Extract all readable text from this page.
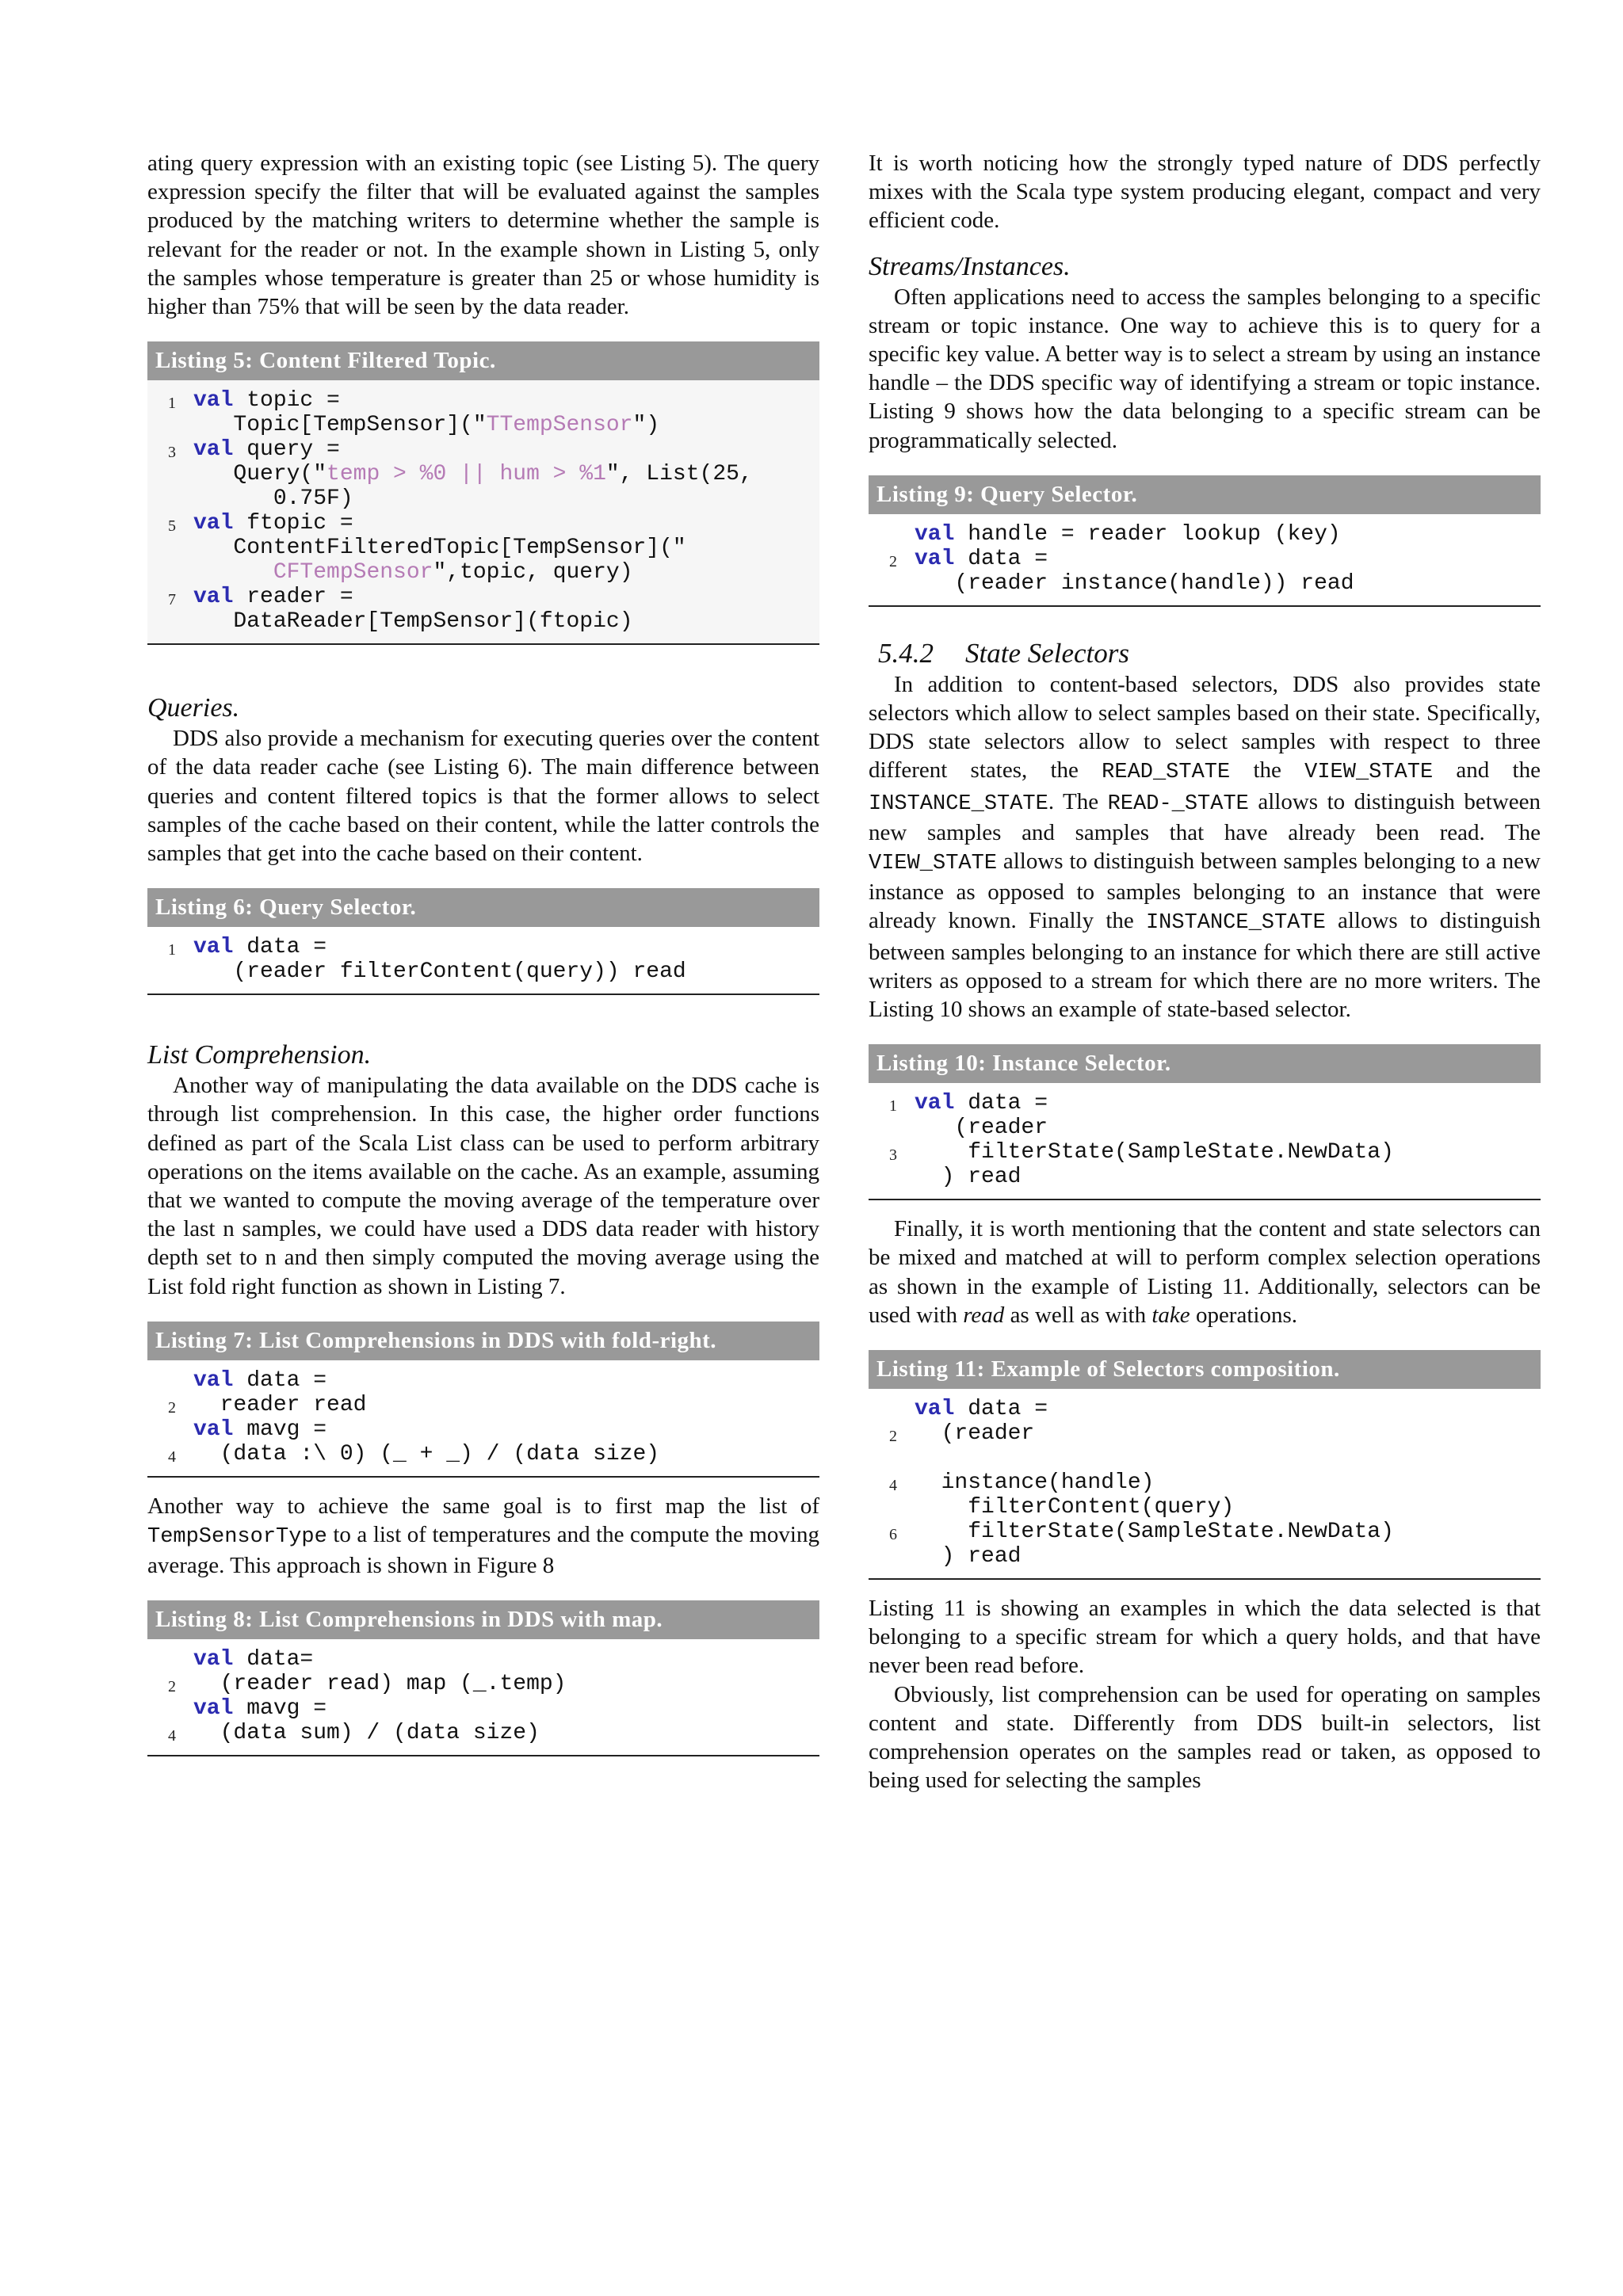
ating query expression with an existing topic (see Listing 5). The query expression specify the filter that will be evaluated against the samples produced by the matching writers to determine whether the sample is relevant for the reader or not. In the example shown in Listing 5, only the samples whose temperature is greater than 25 or whose humidity is higher than 75% that will be seen by the data reader.

Listing 5: Content Filtered Topic.
1 val topic =
Topic[TempSensor]("TTempSensor")
3 val query =
Query("temp > %0 || hum > %1", List(25,
0.75F)
5 val ftopic =
ContentFilteredTopic[TempSensor]("
CFTempSensor",topic, query)
7 val reader =
DataReader[TempSensor](ftopic)
Queries.

DDS also provide a mechanism for executing queries over the content of the data reader cache (see Listing 6). The main difference between queries and content filtered topics is that the former allows to select samples of the cache based on their content, while the latter controls the samples that get into the cache based on their content.

Listing 6: Query Selector.
1 val data =
(reader filterContent(query)) read
List Comprehension.

Another way of manipulating the data available on the DDS cache is through list comprehension. In this case, the higher order functions defined as part of the Scala List class can be used to perform arbitrary operations on the items available on the cache. As an example, assuming that we wanted to compute the moving average of the temperature over the last n samples, we could have used a DDS data reader with history depth set to n and then simply computed the moving average using the List fold right function as shown in Listing 7.

Listing 7: List Comprehensions in DDS with fold-right.
val data =
2 reader read
val mavg =
4 (data :\ 0) (_ + _) / (data size)

Another way to achieve the same goal is to first map the list of TempSensorType to a list of temperatures and the compute the moving average. This approach is shown in Figure 8

Listing 8: List Comprehensions in DDS with map.
val data=
2 (reader read) map (_.temp)
val mavg =
4 (data sum) / (data size)

It is worth noticing how the strongly typed nature of DDS perfectly mixes with the Scala type system producing elegant, compact and very efficient code.

Streams/Instances.

Often applications need to access the samples belonging to a specific stream or topic instance. One way to achieve this is to query for a specific key value. A better way is to select a stream by using an instance handle – the DDS specific way of identifying a stream or topic instance. Listing 9 shows how the data belonging to a specific stream can be programmatically selected.

Listing 9: Query Selector.
val handle = reader lookup (key)
2 val data =
(reader instance(handle)) read
5.4.2 State Selectors

In addition to content-based selectors, DDS also provides state selectors which allow to select samples based on their state. Specifically, DDS state selectors allow to select samples with respect to three different states, the READ_STATE the VIEW_STATE and the INSTANCE_STATE. The READ-_STATE allows to distinguish between new samples and samples that have already been read. The VIEW_STATE allows to distinguish between samples belonging to a new instance as opposed to samples belonging to an instance that were already known. Finally the INSTANCE_STATE allows to distinguish between samples belonging to an instance for which there are still active writers as opposed to a stream for which there are no more writers. The Listing 10 shows an example of state-based selector.

Listing 10: Instance Selector.
1 val data =
(reader
3 filterState(SampleState.NewData)
) read

Finally, it is worth mentioning that the content and state selectors can be mixed and matched at will to perform complex selection operations as shown in the example of Listing 11. Additionally, selectors can be used with read as well as with take operations.

Listing 11: Example of Selectors composition.
val data =
2 (reader
4 instance(handle)
filterContent(query)
6 filterState(SampleState.NewData)
) read

Listing 11 is showing an examples in which the data selected is that belonging to a specific stream for which a query holds, and that have never been read before.

Obviously, list comprehension can be used for operating on samples content and state. Differently from DDS built-in selectors, list comprehension operates on the samples read or taken, as opposed to being used for selecting the samples
